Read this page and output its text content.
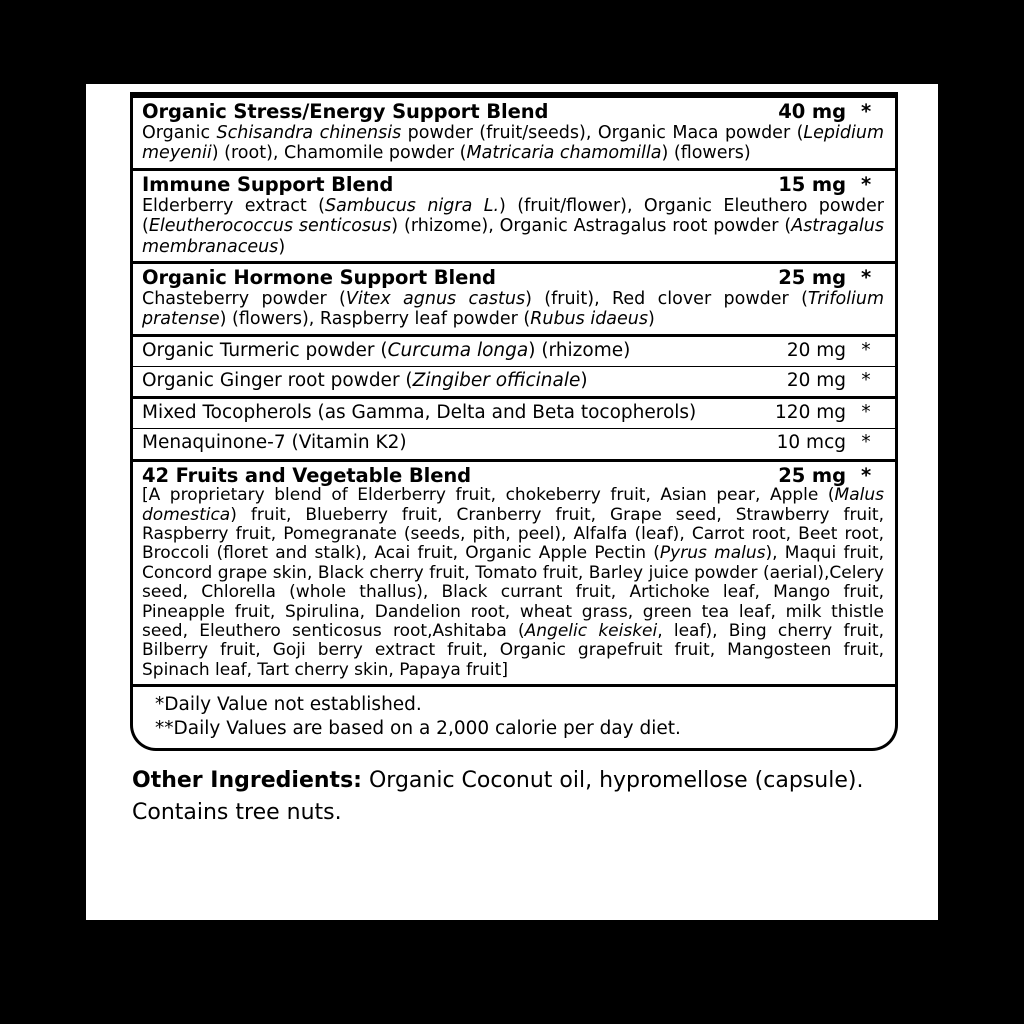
Organic Stress/Energy Support Blend	40 mg *
Organic Schisandra chinensis powder (fruit/seeds), Organic Maca powder (Lepidium meyenii) (root), Chamomile powder (Matricaria chamomilla) (flowers)
Immune Support Blend	15 mg *
Elderberry extract (Sambucus nigra L.) (fruit/flower), Organic Eleuthero powder (Eleutherococcus senticosus) (rhizome), Organic Astragalus root powder (Astragalus membranaceus)
Organic Hormone Support Blend	25 mg *
Chasteberry powder (Vitex agnus castus) (fruit), Red clover powder (Trifolium pratense) (flowers), Raspberry leaf powder (Rubus idaeus)
Organic Turmeric powder (Curcuma longa) (rhizome)	20 mg *
Organic Ginger root powder (Zingiber officinale)	20 mg *
Mixed Tocopherols (as Gamma, Delta and Beta tocopherols)	120 mg *
Menaquinone-7 (Vitamin K2)	10 mcg *
42 Fruits and Vegetable Blend	25 mg *
[A proprietary blend of Elderberry fruit, chokeberry fruit, Asian pear, Apple (Malus domestica) fruit, Blueberry fruit, Cranberry fruit, Grape seed, Strawberry fruit, Raspberry fruit, Pomegranate (seeds, pith, peel), Alfalfa (leaf), Carrot root, Beet root, Broccoli (floret and stalk), Acai fruit, Organic Apple Pectin (Pyrus malus), Maqui fruit, Concord grape skin, Black cherry fruit, Tomato fruit, Barley juice powder (aerial),Celery seed, Chlorella (whole thallus), Black currant fruit, Artichoke leaf, Mango fruit, Pineapple fruit, Spirulina, Dandelion root, wheat grass, green tea leaf, milk thistle seed, Eleuthero senticosus root,Ashitaba (Angelic keiskei, leaf), Bing cherry fruit, Bilberry fruit, Goji berry extract fruit, Organic grapefruit fruit, Mangosteen fruit, Spinach leaf, Tart cherry skin, Papaya fruit]
*Daily Value not established.
**Daily Values are based on a 2,000 calorie per day diet.
Other Ingredients: Organic Coconut oil, hypromellose (capsule).
Contains tree nuts.
